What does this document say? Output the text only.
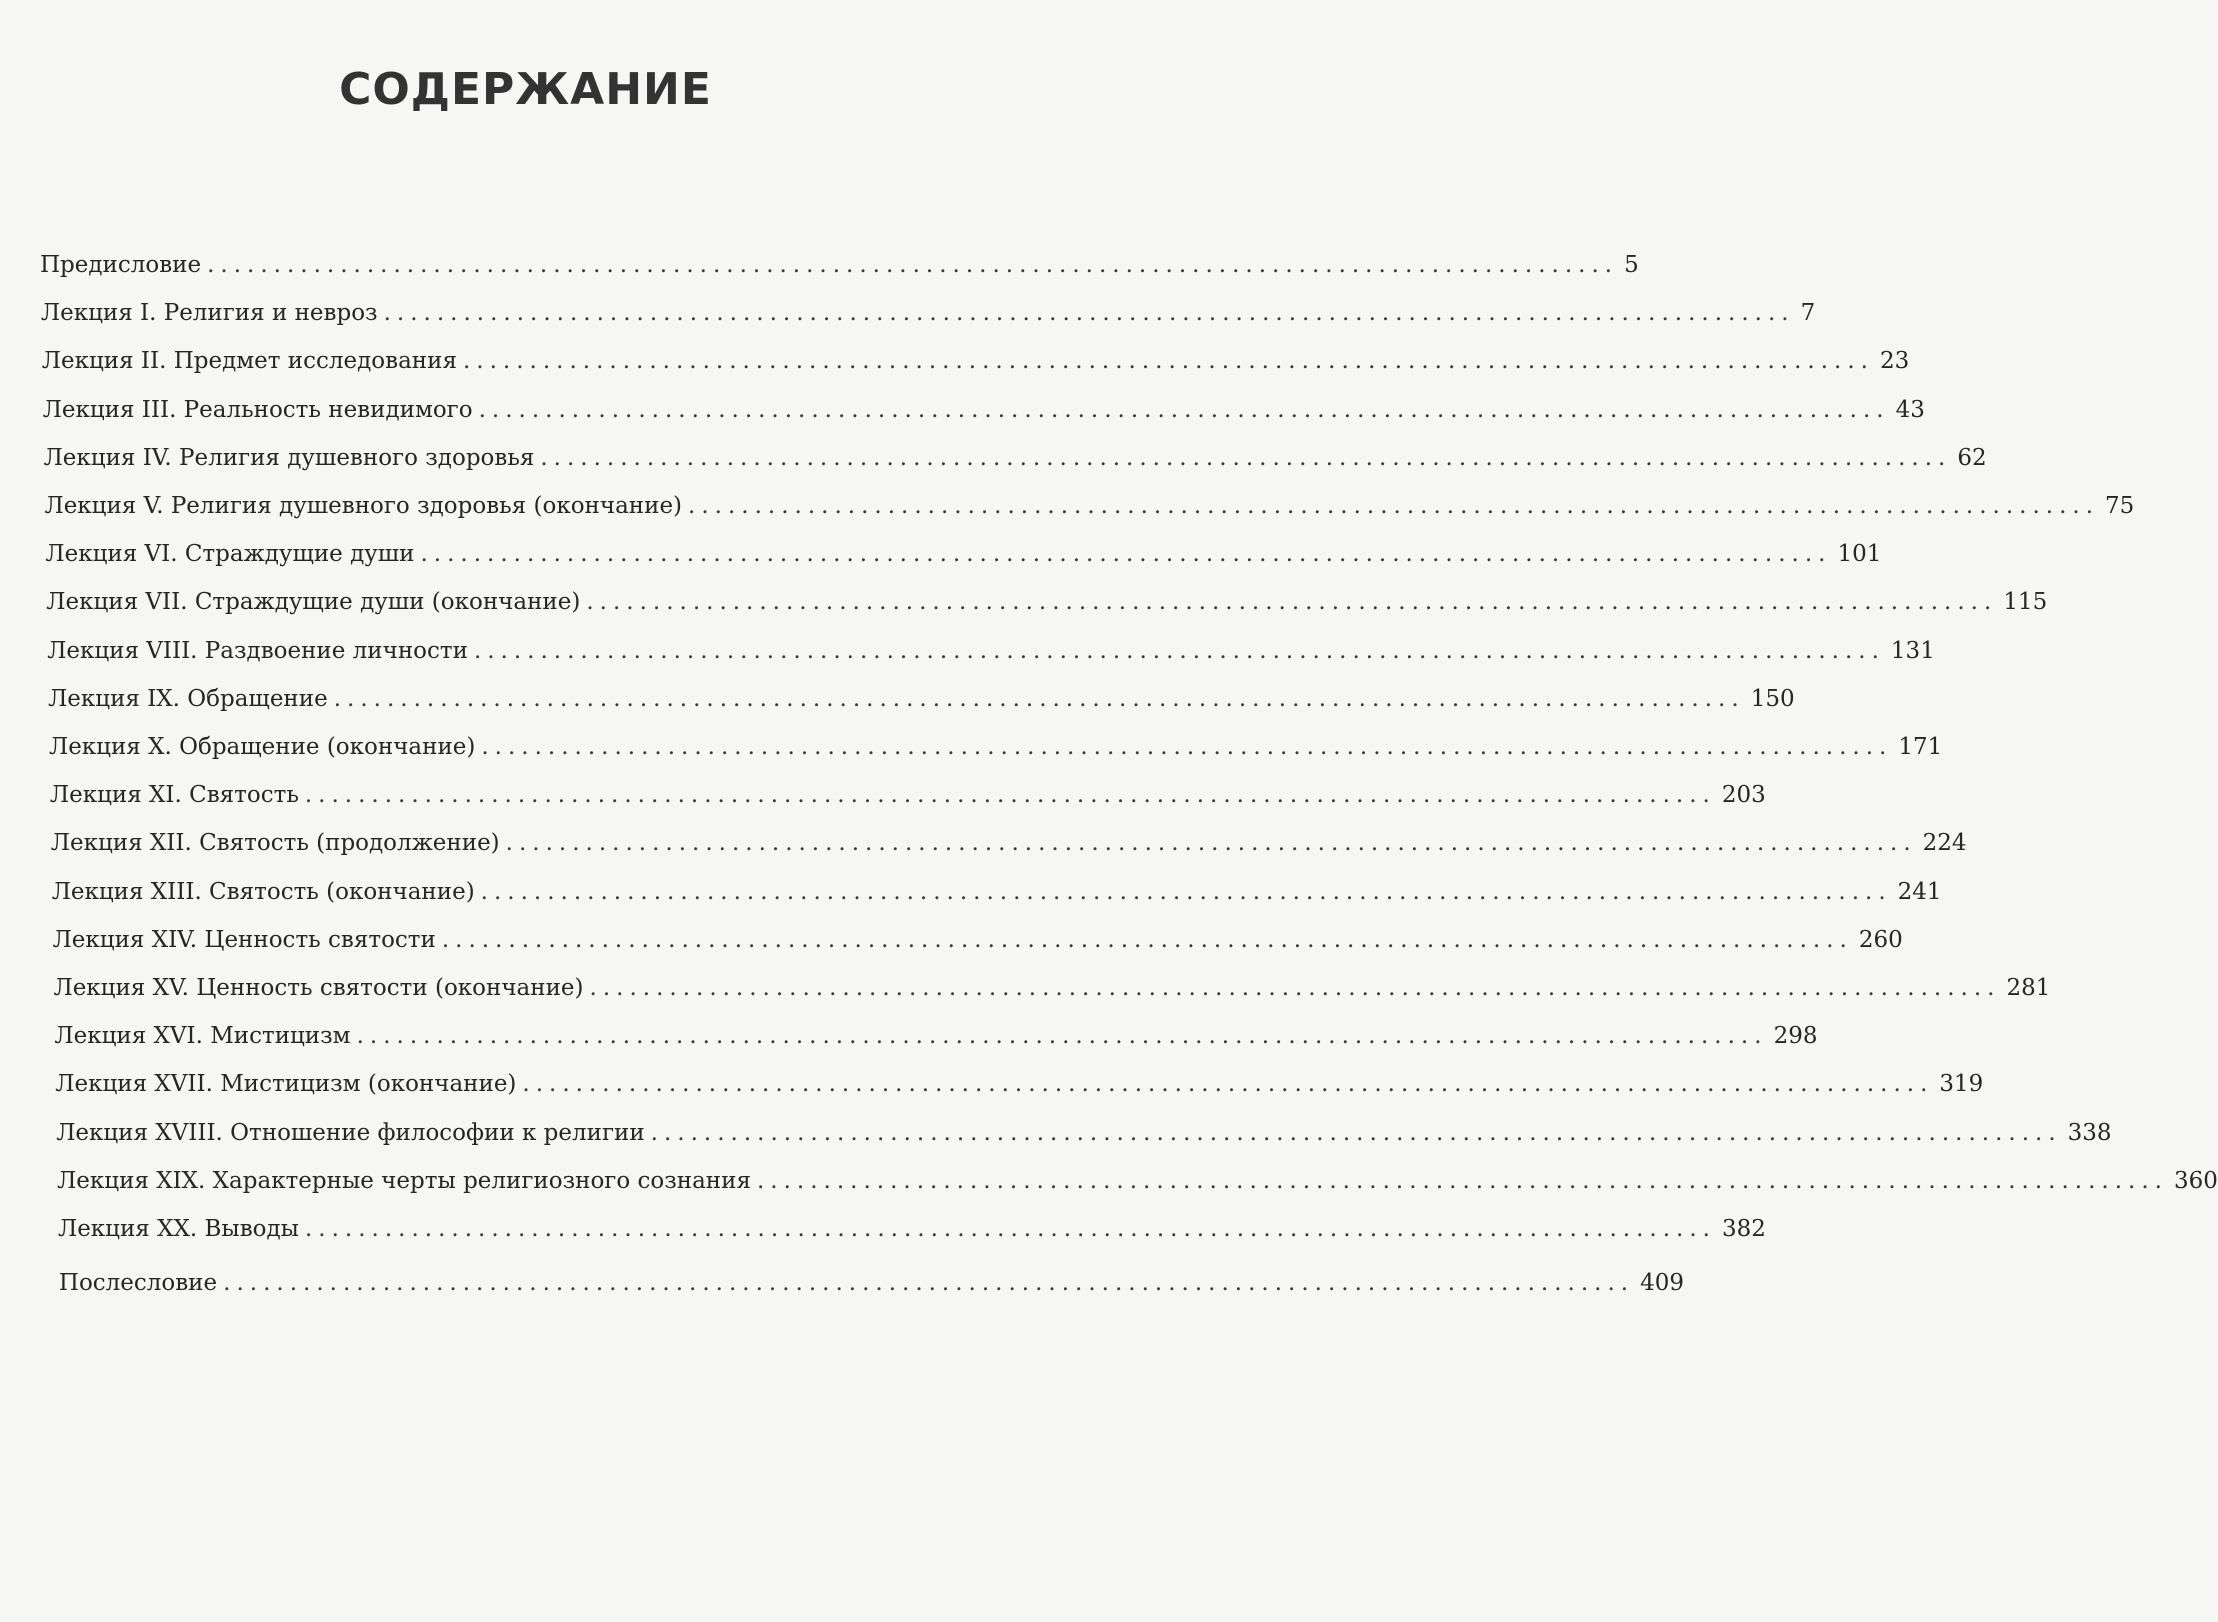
СОДЕРЖАНИЕ
Предисловие .......................................................................................................... 5
Лекция I. Религия и невроз .......................................................................................................... 7
Лекция II. Предмет исследования .......................................................................................................... 23
Лекция III. Реальность невидимого .......................................................................................................... 43
Лекция IV. Религия душевного здоровья .......................................................................................................... 62
Лекция V. Религия душевного здоровья (окончание) .......................................................................................................... 75
Лекция VI. Страждущие души .......................................................................................................... 101
Лекция VII. Страждущие души (окончание) .......................................................................................................... 115
Лекция VIII. Раздвоение личности .......................................................................................................... 131
Лекция IX. Обращение .......................................................................................................... 150
Лекция X. Обращение (окончание) .......................................................................................................... 171
Лекция XI. Святость .......................................................................................................... 203
Лекция XII. Святость (продолжение) .......................................................................................................... 224
Лекция XIII. Святость (окончание) .......................................................................................................... 241
Лекция XIV. Ценность святости .......................................................................................................... 260
Лекция XV. Ценность святости (окончание) .......................................................................................................... 281
Лекция XVI. Мистицизм .......................................................................................................... 298
Лекция XVII. Мистицизм (окончание) .......................................................................................................... 319
Лекция XVIII. Отношение философии к религии .......................................................................................................... 338
Лекция XIX. Характерные черты религиозного сознания .......................................................................................................... 360
Лекция XX. Выводы .......................................................................................................... 382
Послесловие .......................................................................................................... 409
